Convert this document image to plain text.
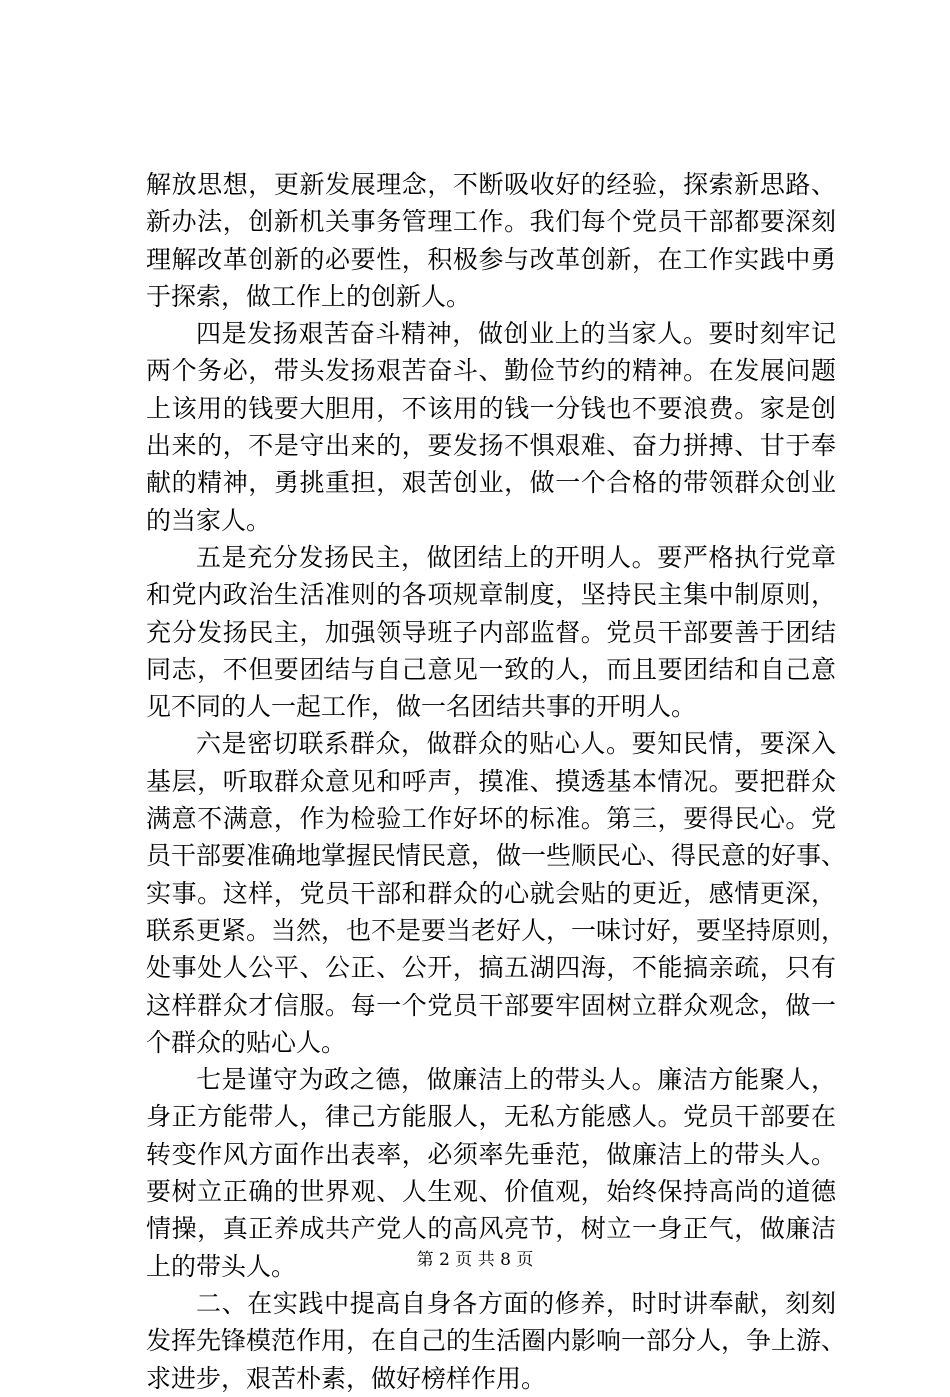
解放思想，更新发展理念，不断吸收好的经验，探索新思路、
新办法，创新机关事务管理工作。我们每个党员干部都要深刻
理解改革创新的必要性，积极参与改革创新，在工作实践中勇
于探索，做工作上的创新人。
四是发扬艰苦奋斗精神，做创业上的当家人。要时刻牢记
两个务必，带头发扬艰苦奋斗、勤俭节约的精神。在发展问题
上该用的钱要大胆用，不该用的钱一分钱也不要浪费。家是创
出来的，不是守出来的，要发扬不惧艰难、奋力拼搏、甘于奉
献的精神，勇挑重担，艰苦创业，做一个合格的带领群众创业
的当家人。
五是充分发扬民主，做团结上的开明人。要严格执行党章
和党内政治生活准则的各项规章制度，坚持民主集中制原则，
充分发扬民主，加强领导班子内部监督。党员干部要善于团结
同志，不但要团结与自己意见一致的人，而且要团结和自己意
见不同的人一起工作，做一名团结共事的开明人。
六是密切联系群众，做群众的贴心人。要知民情，要深入
基层，听取群众意见和呼声，摸准、摸透基本情况。要把群众
满意不满意，作为检验工作好坏的标准。第三，要得民心。党
员干部要准确地掌握民情民意，做一些顺民心、得民意的好事、
实事。这样，党员干部和群众的心就会贴的更近，感情更深，
联系更紧。当然，也不是要当老好人，一味讨好，要坚持原则，
处事处人公平、公正、公开，搞五湖四海，不能搞亲疏，只有
这样群众才信服。每一个党员干部要牢固树立群众观念，做一
个群众的贴心人。
七是谨守为政之德，做廉洁上的带头人。廉洁方能聚人，
身正方能带人，律己方能服人，无私方能感人。党员干部要在
转变作风方面作出表率，必须率先垂范，做廉洁上的带头人。
要树立正确的世界观、人生观、价值观，始终保持高尚的道德
情操，真正养成共产党人的高风亮节，树立一身正气，做廉洁
上的带头人。
二、在实践中提高自身各方面的修养，时时讲奉献，刻刻
发挥先锋模范作用，在自己的生活圈内影响一部分人，争上游、
求进步，艰苦朴素，做好榜样作用。
第 2 页 共 8 页
